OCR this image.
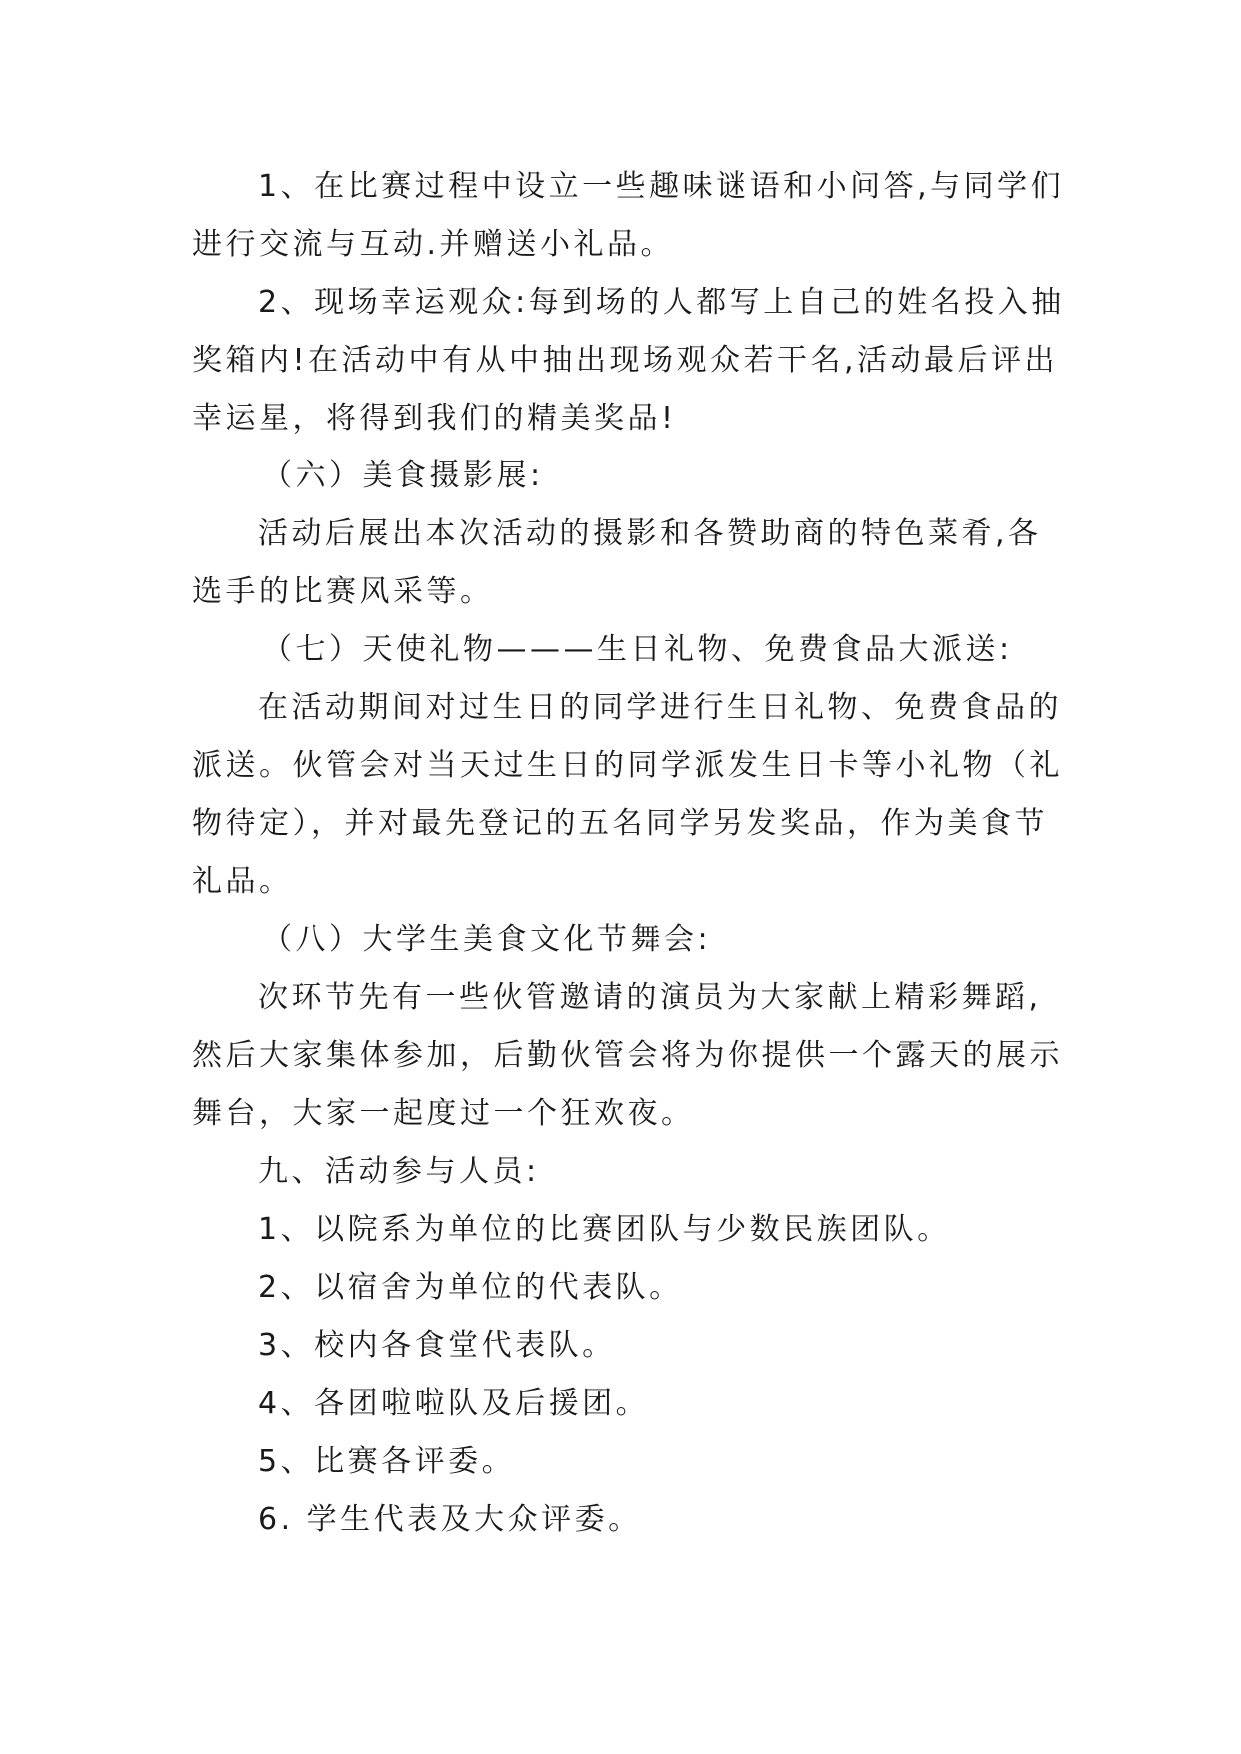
1、在比赛过程中设立一些趣味谜语和小问答,与同学们
进行交流与互动.并赠送小礼品。
2、现场幸运观众:每到场的人都写上自己的姓名投入抽
奖箱内!在活动中有从中抽出现场观众若干名,活动最后评出
幸运星，将得到我们的精美奖品!
（六）美食摄影展:
活动后展出本次活动的摄影和各赞助商的特色菜肴,各
选手的比赛风采等。
（七）天使礼物———生日礼物、免费食品大派送:
在活动期间对过生日的同学进行生日礼物、免费食品的
派送。伙管会对当天过生日的同学派发生日卡等小礼物（礼
物待定），并对最先登记的五名同学另发奖品，作为美食节
礼品。
（八）大学生美食文化节舞会:
次环节先有一些伙管邀请的演员为大家献上精彩舞蹈,
然后大家集体参加，后勤伙管会将为你提供一个露天的展示
舞台，大家一起度过一个狂欢夜。
九、活动参与人员:
1、以院系为单位的比赛团队与少数民族团队。
2、以宿舍为单位的代表队。
3、校内各食堂代表队。
4、各团啦啦队及后援团。
5、比赛各评委。
6. 学生代表及大众评委。
